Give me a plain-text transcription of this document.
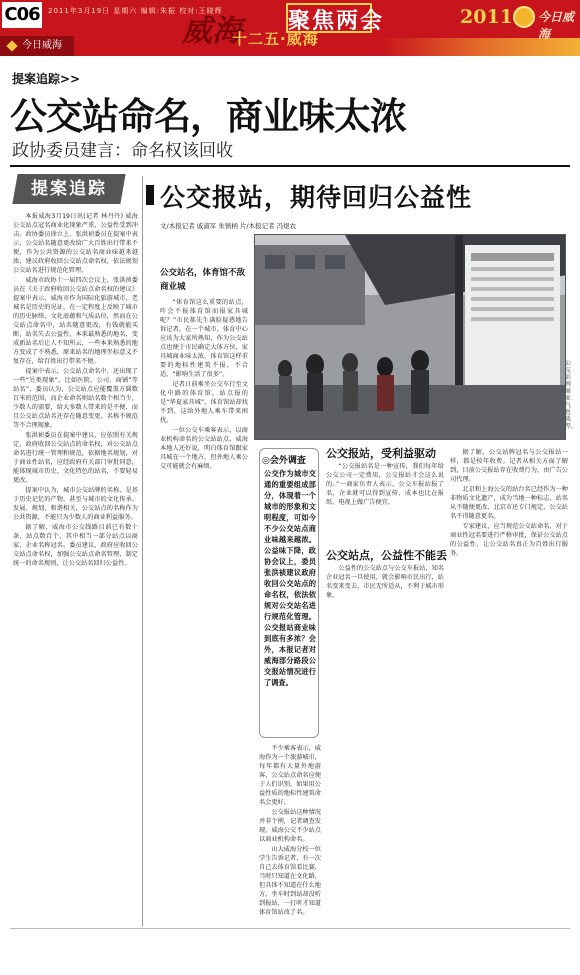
C06	2011年3月19日 星期六 编辑:朱振 校对:王晓辉
今日威海	威海
十二五·威海
聚焦两会	2011 今日威海
提案追踪>>
公交站命名，商业味太浓
政协委员建言：命名权该回收
提案追踪

本报威海3月19日讯(记者 林丹丹) 威海公交站点冠名商业化现象严重，公益性受到冲击。政协委员徐立上、张洪祯委员在提案中表示，公交站名随意更改给广大百姓出行带来不便，作为公共资源的公交站名商业味越来越浓，建议政府收回公交站点命名权，依法规划公交站名进行规范化管理。

威海市政协十一届四次会议上，张洪祯委员在《关于政府收回公交站点命名权的建议》提案中表示，威海市作为国际化旅游城市，老城名是历史的见证，在一定程度上反映了城市的历史脉络，文化底蕴和气质品位，然而在公交站点命名中，站名随意更改，有钱就能买断，站名失去公益性，本来最熟悉的地名，变成新站名后让人不知所云，一些本来熟悉的地方变成了不熟悉，原来站名的地理坐标意义不复存在，给百姓出行带来不便。

提案中表示，公交站点命名中，还出现了一些“另类现象”，比如医院、公司、商铺“等站名”，委员认为，公交站点应能覆盖方圆数百米的范围，而企业命名则站名数个相当少，少数人的需要，给大多数人带来的是不便，而且公交站点站名还存在随意变更、名称不规范等不合理现象。

张洪祯委员在提案中建议，应依照有关规定，政府收回公交站点的命名权，对公交站点命名进行统一管理和规范，依据地名规划，对于商业性站名，应经政府有关部门审批同意，能体现城市历史、文化特色的站名，不要轻易更改。

提案中认为，城市公交站牌的名称，是基于历史记忆的产物，甚至与城市的文化传承、发展、规划、和谐相关，公交站点的名称作为公共资源，不能只为少数人的商业利益服务。

据了解，威海市公交线路目前已有数十条，站点数百个，其中相当一部分站点以商家、企业名称冠名。委员建议，政府应收回公交站点命名权，加强公交站点命名管理，制定统一的命名规则，让公交站名回归公益性。

公交报站，期待回归公益性
文/本报记者 戚淑军 朱镇柄 片/本报记者 冯煜农
公交站名，体育馆不敌商业城

“体育馆这么重要的站点，咋会不报体育馆而报家具城呢？”市民郝先生满脸疑惑地告诉记者，在一个城市，体育中心应该为大家所熟知，作为公交站点也便于市民确定大体方位，家具城商业味太浓，体育馆这样重要的地标性建筑不报，不合适，“影响生活了很多”。

记者日前乘坐公交车行至文化中路的体育馆，站点报的是“华夏家具城”，体育馆站却找不到，这给外地人乘车带来困扰。

一位公交车乘客表示，以商业机构命名的公交站站点，威海本地人还好说，明白体育馆跟家具城在一个地方，但外地人乘公交可能就会有麻烦。

公交站牌商业气息浓厚。
◎会外调查
公交作为城市交通的重要组成部分，体现着一个城市的形象和文明程度，可如今不少公交站点商业味越来越浓。公益味下降，政协会议上，委员张洪祯建议政府收回公交站点的命名权，依法依规对公交站名进行规范化管理。公交报站商业味到底有多浓？会外，本报记者对威海部分路段公交报站情况进行了调查。

不少乘客表示，威海作为一个旅游城市，每年都有大量外地游客，公交站点命名应便于人们识别，如果用公益性质的地标性建筑命名会更好。

公交报站这种情况并非个例，记者调查发现，威海公交不少站点以商业机构命名。

山大威海分校一位学生告诉记者，有一次自己去体育馆看比赛，当时只知道在文化路，但具体不知道在什么地方，坐车时到站却没听到报站，一打听才知道体育馆站改了名。

公交报站，受利益驱动

“公交报站名是一种宣传，我们每年给公交公司一定费用，公交报站才会这么说的。”一商家负责人表示，公交车报站报了名，企业就可以得到宣传，成本也比在报纸、电视上做广告便宜。

据了解，公交站牌冠名与公交报站一样，都是按年收费。记者从相关方面了解到，目前公交报站存在收费行为，由广告公司代理。

北京和上海公交的站台名已经作为一种非物质文化遗产，成为当地一种标志，站名从不随便更改，北京市还专门规定，公交站名不得随意更名。

专家建议，应当规范公交站命名，对于商业性冠名要进行严格审批，保证公交站点的公益性，让公交站名真正为百姓出行服务。

公交站点，公益性不能丢

公益性的公交站点与公交车报站，知名企业冠名一旦使用，就会影响市民出行，站名变来变去，市民无所适从，不利于城市形象。
